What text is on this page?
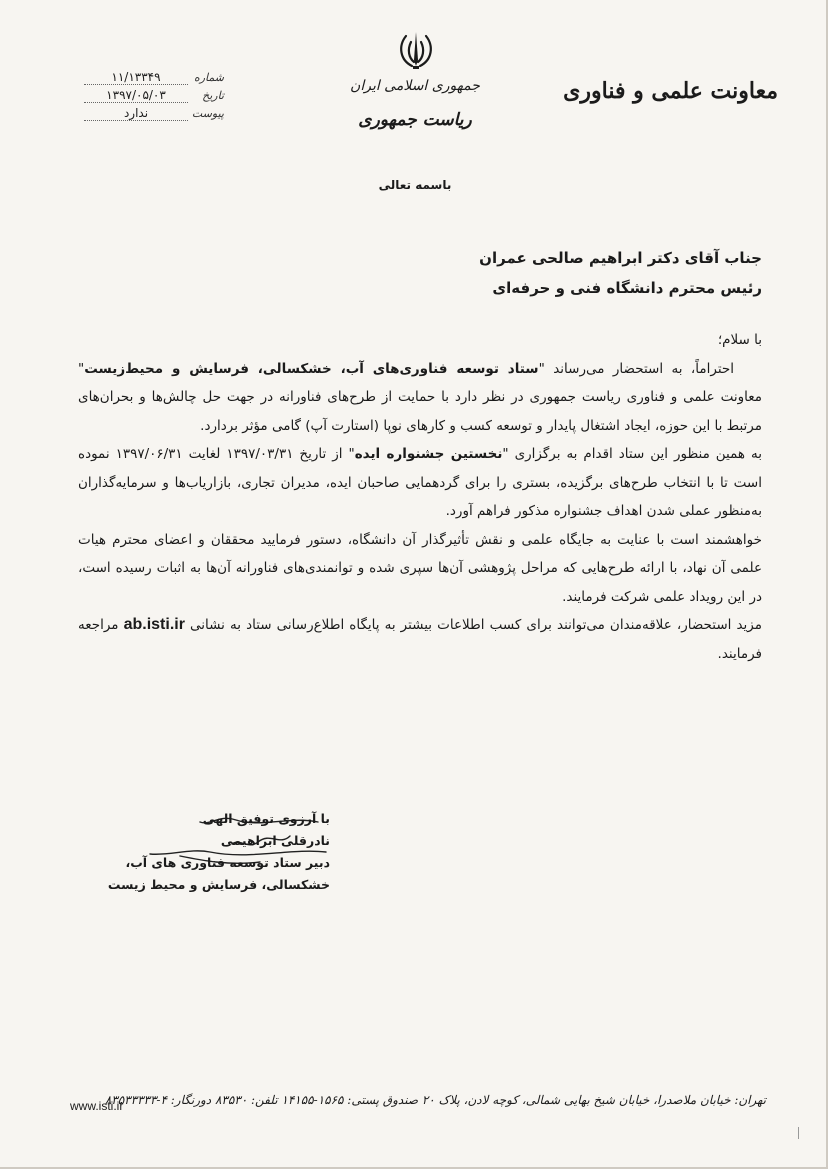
معاونت علمی و فناوری
جمهوری اسلامی ایران
ریاست جمهوری
شماره
۱۱/۱۳۳۴۹
تاریخ
۱۳۹۷/۰۵/۰۳
پیوست
ندارد
باسمه تعالی
جناب آقای دکتر ابراهیم صالحی عمران
رئیس محترم دانشگاه فنی و حرفه‌ای

با سلام؛

احتراماً، به استحضار می‌رساند "ستاد توسعه فناوری‌های آب، خشکسالی، فرسایش و محیط‌زیست" معاونت علمی و فناوری ریاست جمهوری در نظر دارد با حمایت از طرح‌های فناورانه در جهت حل چالش‌ها و بحران‌های مرتبط با این حوزه، ایجاد اشتغال پایدار و توسعه کسب و کارهای نوپا (استارت آپ) گامی مؤثر بردارد.

به همین منظور این ستاد اقدام به برگزاری "نخستین جشنواره ایده" از تاریخ ۱۳۹۷/۰۳/۳۱ لغایت ۱۳۹۷/۰۶/۳۱ نموده است تا با انتخاب طرح‌های برگزیده، بستری را برای گردهمایی صاحبان ایده، مدیران تجاری، بازاریاب‌ها و سرمایه‌گذاران به‌منظور عملی شدن اهداف جشنواره مذکور فراهم آورد.

خواهشمند است با عنایت به جایگاه علمی و نقش تأثیرگذار آن دانشگاه، دستور فرمایید محققان و اعضای محترم هیات علمی آن نهاد، با ارائه طرح‌هایی که مراحل پژوهشی آن‌ها سپری شده و توانمندی‌های فناورانه آن‌ها به اثبات رسیده است، در این رویداد علمی شرکت فرمایند.

مزید استحضار، علاقه‌مندان می‌توانند برای کسب اطلاعات بیشتر به پایگاه اطلاع‌رسانی ستاد به نشانی ab.isti.ir مراجعه فرمایند.

با آرزوی توفیق الهی
نادرقلی ابراهیمی
دبیر ستاد توسعه فناوری های آب،
خشکسالی، فرسایش و محیط زیست
تهران: خیابان ملاصدرا، خیابان شیخ بهایی شمالی، کوچه لادن، پلاک ۲۰ صندوق پستی: ۱۵۶۵-۱۴۱۵۵ تلفن: ۸۳۵۳۰ دورنگار: ۴-۸۳۵۳۳۳۳۳
www.isti.ir
